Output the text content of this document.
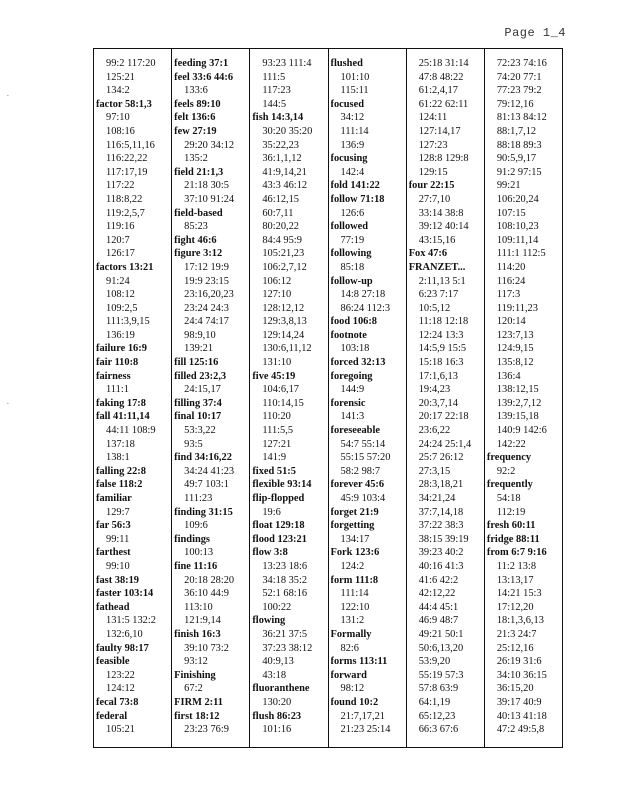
Page 1_4
·
·
99:2 117:20
125:21
134:2
factor 58:1,3
97:10
108:16
116:5,11,16
116:22,22
117:17,19
117:22
118:8,22
119:2,5,7
119:16
120:7
126:17
factors 13:21
91:24
108:12
109:2,5
111:3,9,15
136:19
failure 16:9
fair 110:8
fairness
111:1
faking 17:8
fall 41:11,14
44:11 108:9
137:18
138:1
falling 22:8
false 118:2
familiar
129:7
far 56:3
99:11
farthest
99:10
fast 38:19
faster 103:14
fathead
131:5 132:2
132:6,10
faulty 98:17
feasible
123:22
124:12
fecal 73:8
federal
105:21
feeding 37:1
feel 33:6 44:6
133:6
feels 89:10
felt 136:6
few 27:19
29:20 34:12
135:2
field 21:1,3
21:18 30:5
37:10 91:24
field-based
85:23
fight 46:6
figure 3:12
17:12 19:9
19:9 23:15
23:16,20,23
23:24 24:3
24:4 74:17
98:9,10
139:21
fill 125:16
filled 23:2,3
24:15,17
filling 37:4
final 10:17
53:3,22
93:5
find 34:16,22
34:24 41:23
49:7 103:1
111:23
finding 31:15
109:6
findings
100:13
fine 11:16
20:18 28:20
36:10 44:9
113:10
121:9,14
finish 16:3
39:10 73:2
93:12
Finishing
67:2
FIRM 2:11
first 18:12
23:23 76:9
93:23 111:4
111:5
117:23
144:5
fish 14:3,14
30:20 35:20
35:22,23
36:1,1,12
41:9,14,21
43:3 46:12
46:12,15
60:7,11
80:20,22
84:4 95:9
105:21,23
106:2,7,12
106:12
127:10
128:12,12
129:3,8,13
129:14,24
130:6,11,12
131:10
five 45:19
104:6,17
110:14,15
110:20
111:5,5
127:21
141:9
fixed 51:5
flexible 93:14
flip-flopped
19:6
float 129:18
flood 123:21
flow 3:8
13:23 18:6
34:18 35:2
52:1 68:16
100:22
flowing
36:21 37:5
37:23 38:12
40:9,13
43:18
fluoranthene
130:20
flush 86:23
101:16
flushed
101:10
115:11
focused
34:12
111:14
136:9
focusing
142:4
fold 141:22
follow 71:18
126:6
followed
77:19
following
85:18
follow-up
14:8 27:18
86:24 112:3
food 106:8
footnote
103:18
forced 32:13
foregoing
144:9
forensic
141:3
foreseeable
54:7 55:14
55:15 57:20
58:2 98:7
forever 45:6
45:9 103:4
forget 21:9
forgetting
134:17
Fork 123:6
124:2
form 111:8
111:14
122:10
131:2
Formally
82:6
forms 113:11
forward
98:12
found 10:2
21:7,17,21
21:23 25:14
25:18 31:14
47:8 48:22
61:2,4,17
61:22 62:11
124:11
127:14,17
127:23
128:8 129:8
129:15
four 22:15
27:7,10
33:14 38:8
39:12 40:14
43:15,16
Fox 47:6
FRANZET...
2:11,13 5:1
6:23 7:17
10:5,12
11:18 12:18
12:24 13:3
14:5,9 15:5
15:18 16:3
17:1,6,13
19:4,23
20:3,7,14
20:17 22:18
23:6,22
24:24 25:1,4
25:7 26:12
27:3,15
28:3,18,21
34:21,24
37:7,14,18
37:22 38:3
38:15 39:19
39:23 40:2
40:16 41:3
41:6 42:2
42:12,22
44:4 45:1
46:9 48:7
49:21 50:1
50:6,13,20
53:9,20
55:19 57:3
57:8 63:9
64:1,19
65:12,23
66:3 67:6
72:23 74:16
74:20 77:1
77:23 79:2
79:12,16
81:13 84:12
88:1,7,12
88:18 89:3
90:5,9,17
91:2 97:15
99:21
106:20,24
107:15
108:10,23
109:11,14
111:1 112:5
114:20
116:24
117:3
119:11,23
120:14
123:7,13
124:9,15
135:8,12
136:4
138:12,15
139:2,7,12
139:15,18
140:9 142:6
142:22
frequency
92:2
frequently
54:18
112:19
fresh 60:11
fridge 88:11
from 6:7 9:16
11:2 13:8
13:13,17
14:21 15:3
17:12,20
18:1,3,6,13
21:3 24:7
25:12,16
26:19 31:6
34:10 36:15
36:15,20
39:17 40:9
40:13 41:18
47:2 49:5,8
